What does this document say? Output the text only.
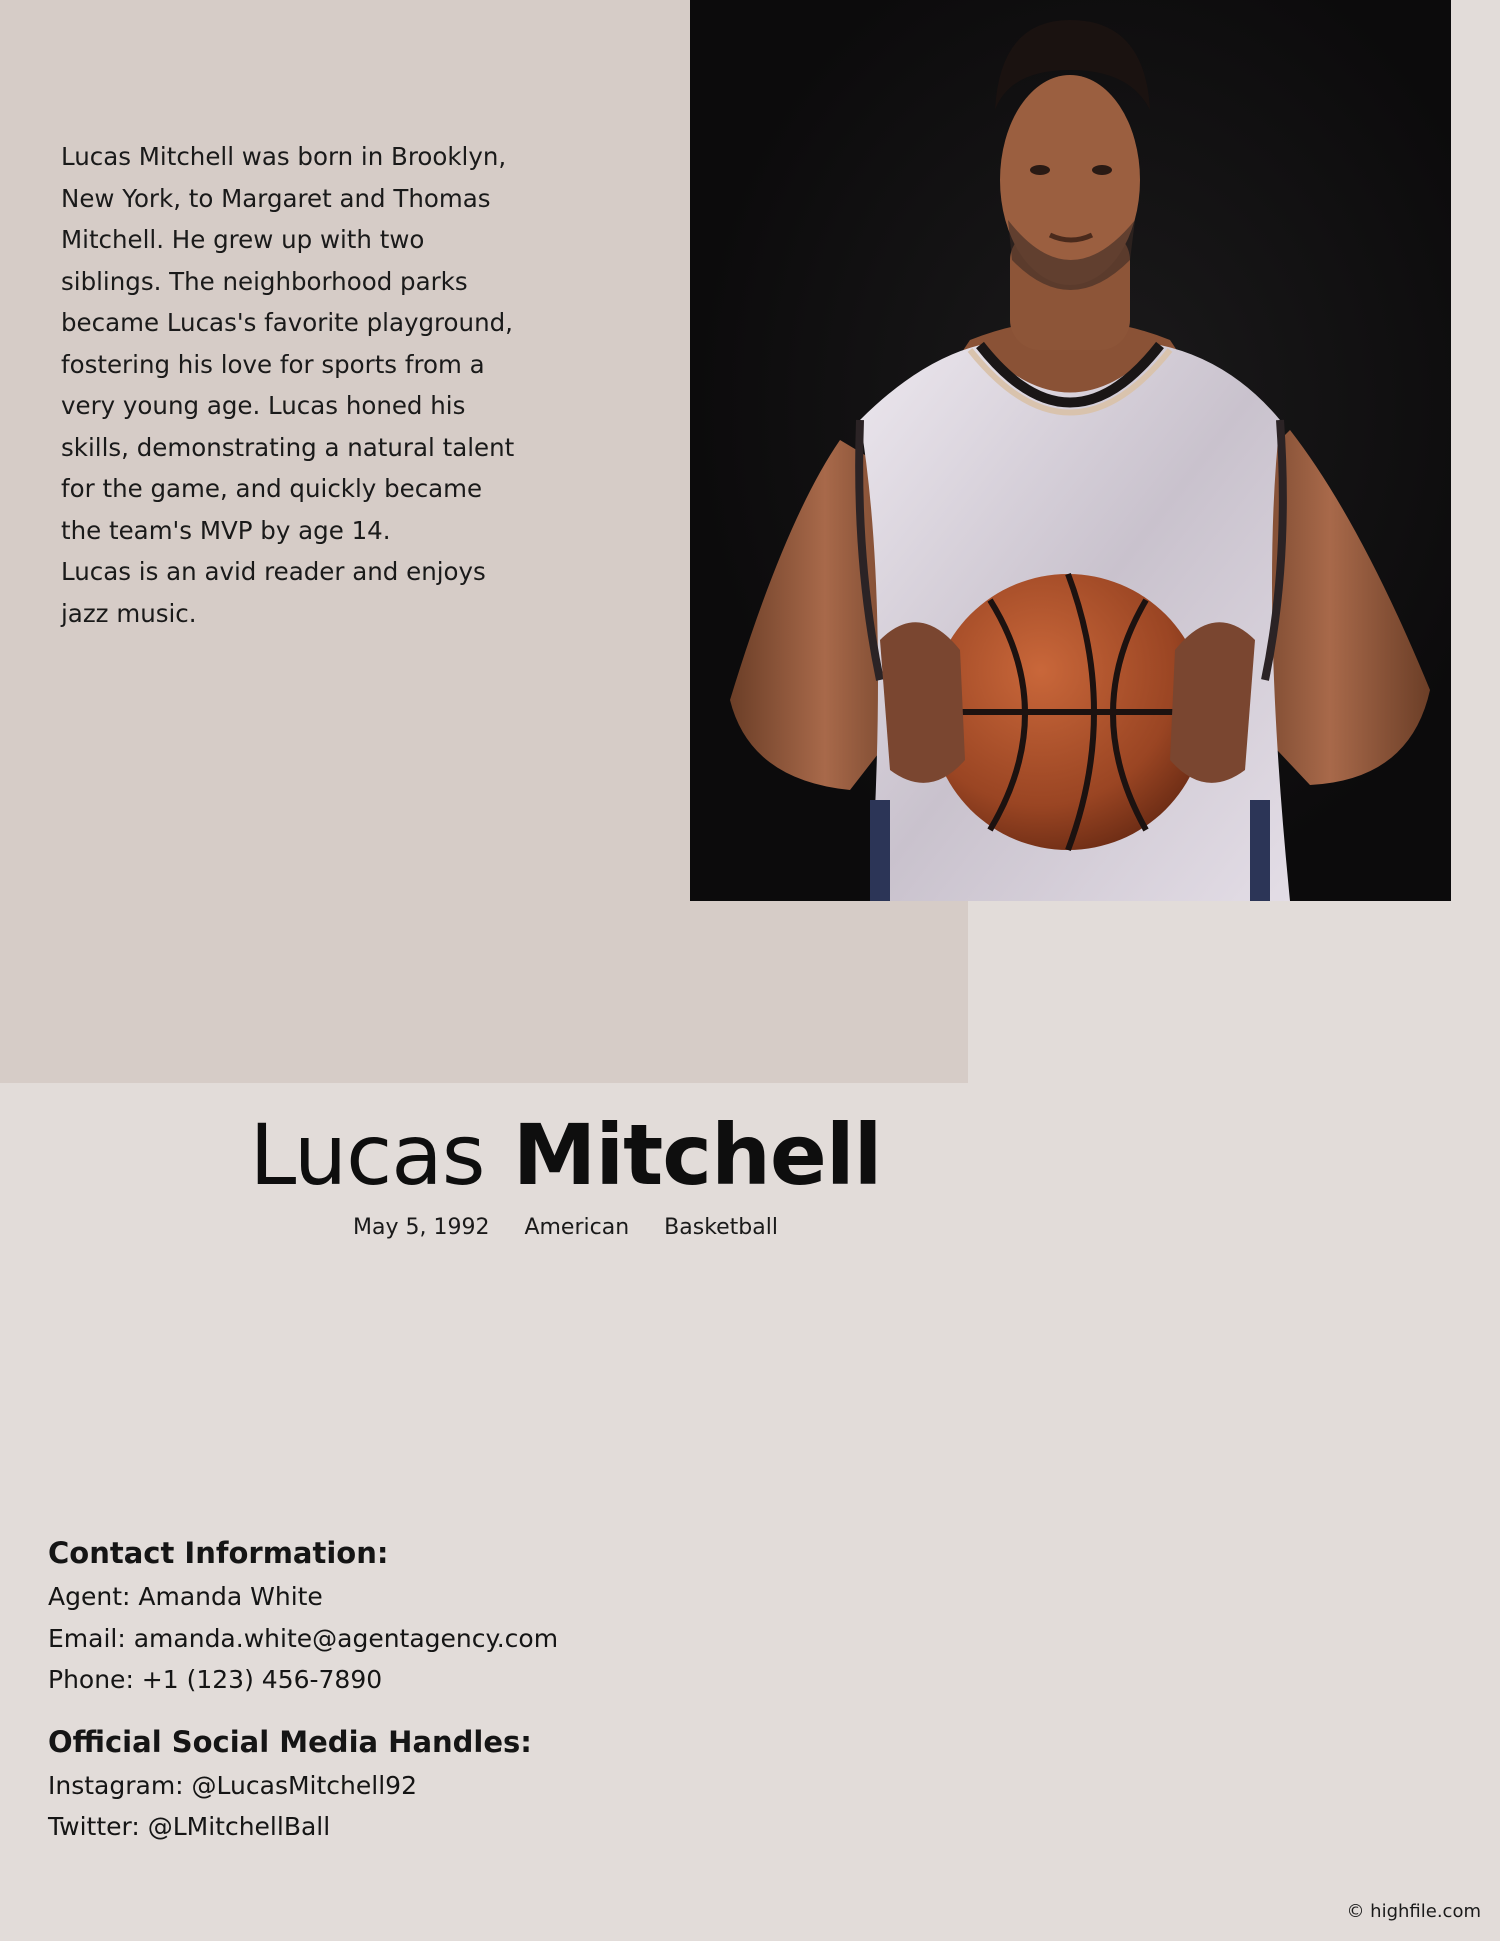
Lucas Mitchell was born in Brooklyn, New York, to Margaret and Thomas Mitchell. He grew up with two siblings. The neighborhood parks became Lucas's favorite playground, fostering his love for sports from a very young age. Lucas honed his skills, demonstrating a natural talent for the game, and quickly became the team's MVP by age 14.

Lucas is an avid reader and enjoys jazz music.

Lucas Mitchell
May 5, 1992 American Basketball
Contact Information:
Agent: Amanda White
Email: amanda.white@agentagency.com
Phone: +1 (123) 456-7890
Official Social Media Handles:
Instagram: @LucasMitchell92
Twitter: @LMitchellBall
© highfile.com
